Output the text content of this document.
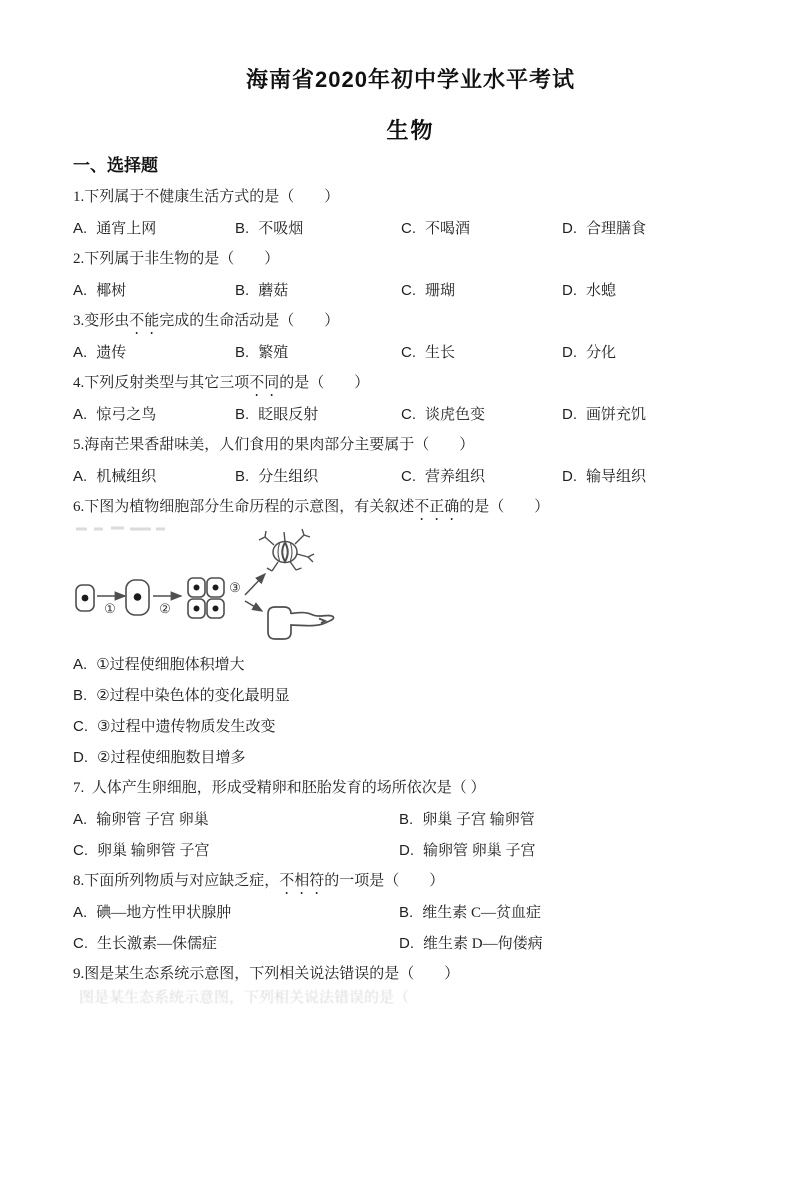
海南省2020年初中学业水平考试
生物
一、选择题
1.下列属于不健康生活方式的是（　　）
A. 通宵上网	B. 不吸烟	C. 不喝酒	D. 合理膳食
2.下列属于非生物的是（　　）
A. 椰树	B. 蘑菇	C. 珊瑚	D. 水螅
3.变形虫不能完成的生命活动是（　　）
A. 遗传	B. 繁殖	C. 生长	D. 分化
4.下列反射类型与其它三项不同的是（　　）
A. 惊弓之鸟	B. 眨眼反射	C. 谈虎色变	D. 画饼充饥
5.海南芒果香甜味美，人们食用的果肉部分主要属于（　　）
A. 机械组织	B. 分生组织	C. 营养组织	D. 输导组织
6.下图为植物细胞部分生命历程的示意图，有关叙述不正确的是（　　）
①	②
③
A. ①过程使细胞体积增大
B. ②过程中染色体的变化最明显
C. ③过程中遗传物质发生改变
D. ②过程使细胞数目增多
7.  人体产生卵细胞，形成受精卵和胚胎发育的场所依次是（ ）
A. 输卵管 子宫 卵巢	B. 卵巢 子宫 输卵管
C. 卵巢 输卵管 子宫	D. 输卵管 卵巢 子宫
8.下面所列物质与对应缺乏症，不相符的一项是（　　）
A. 碘—地方性甲状腺肿	B. 维生素 C—贫血症
C. 生长激素—侏儒症	D. 维生素 D—佝偻病
9.图是某生态系统示意图，下列相关说法错误的是（　　）
图是某生态系统示意图，下列相关说法错误的是（
